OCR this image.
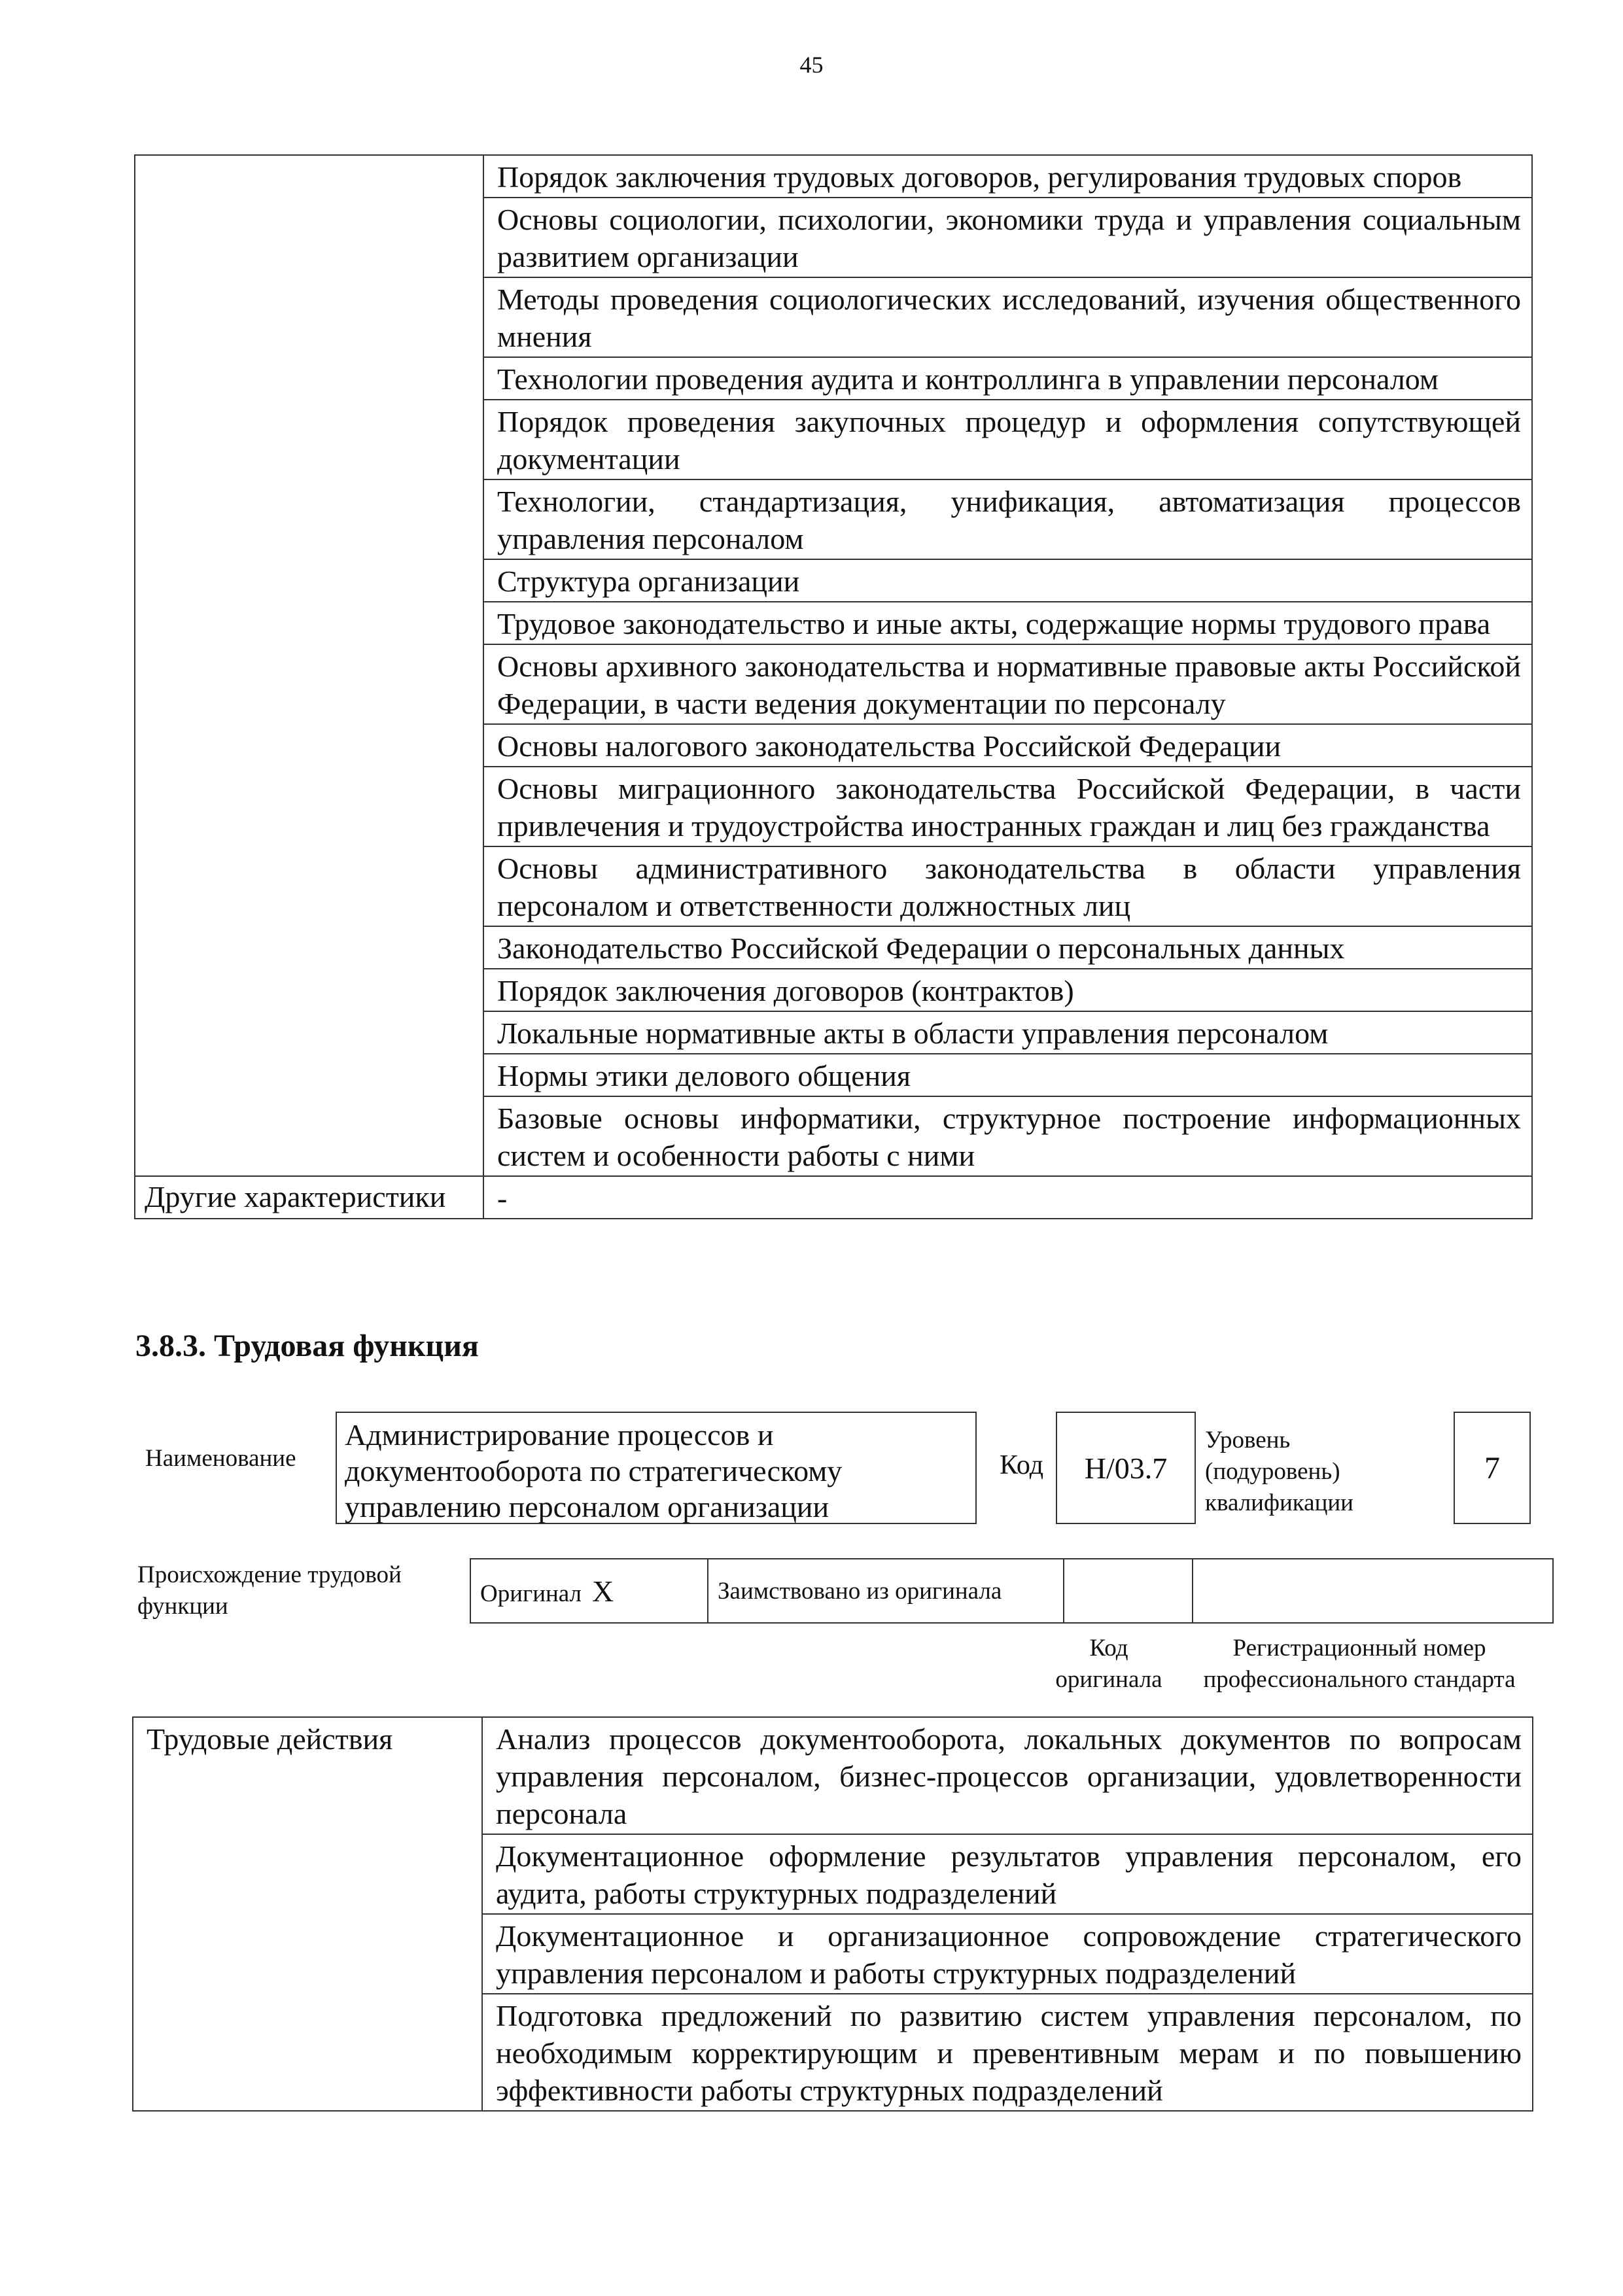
45
	Порядок заключения трудовых договоров, регулирования трудовых споров
	Основы социологии, психологии, экономики труда и управления социальным развитием организации
	Методы проведения социологических исследований, изучения общественного мнения
	Технологии проведения аудита и контроллинга в управлении персоналом
	Порядок проведения закупочных процедур и оформления сопутствующей документации
	Технологии, стандартизация, унификация, автоматизация процессов управления персоналом
	Структура организации
	Трудовое законодательство и иные акты, содержащие нормы трудового права
	Основы архивного законодательства и нормативные правовые акты Российской Федерации, в части ведения документации по персоналу
	Основы налогового законодательства Российской Федерации
	Основы миграционного законодательства Российской Федерации, в части привлечения и трудоустройства иностранных граждан и лиц без гражданства
	Основы административного законодательства в области управления персоналом и ответственности должностных лиц
	Законодательство Российской Федерации о персональных данных
	Порядок заключения договоров (контрактов)
	Локальные нормативные акты в области управления персоналом
	Нормы этики делового общения
	Базовые основы информатики, структурное построение информационных систем и особенности работы с ними
Другие характеристики	-
3.8.3. Трудовая функция
Наименование
Администрирование процессов и документооборота по стратегическому управлению персоналом организации
Код	H/03.7
Уровень
(подуровень)
квалификации
7
Происхождение трудовой
функции	Оригинал X	Заимствовано из оригинала		
Код
оригинала
Регистрационный номер
профессионального стандарта
Трудовые действия	Анализ процессов документооборота, локальных документов по вопросам управления персоналом, бизнес-процессов организации, удовлетворенности персонала
Документационное оформление результатов управления персоналом, его аудита, работы структурных подразделений
Документационное и организационное сопровождение стратегического управления персоналом и работы структурных подразделений
Подготовка предложений по развитию систем управления персоналом, по необходимым корректирующим и превентивным мерам и по повышению эффективности работы структурных подразделений
